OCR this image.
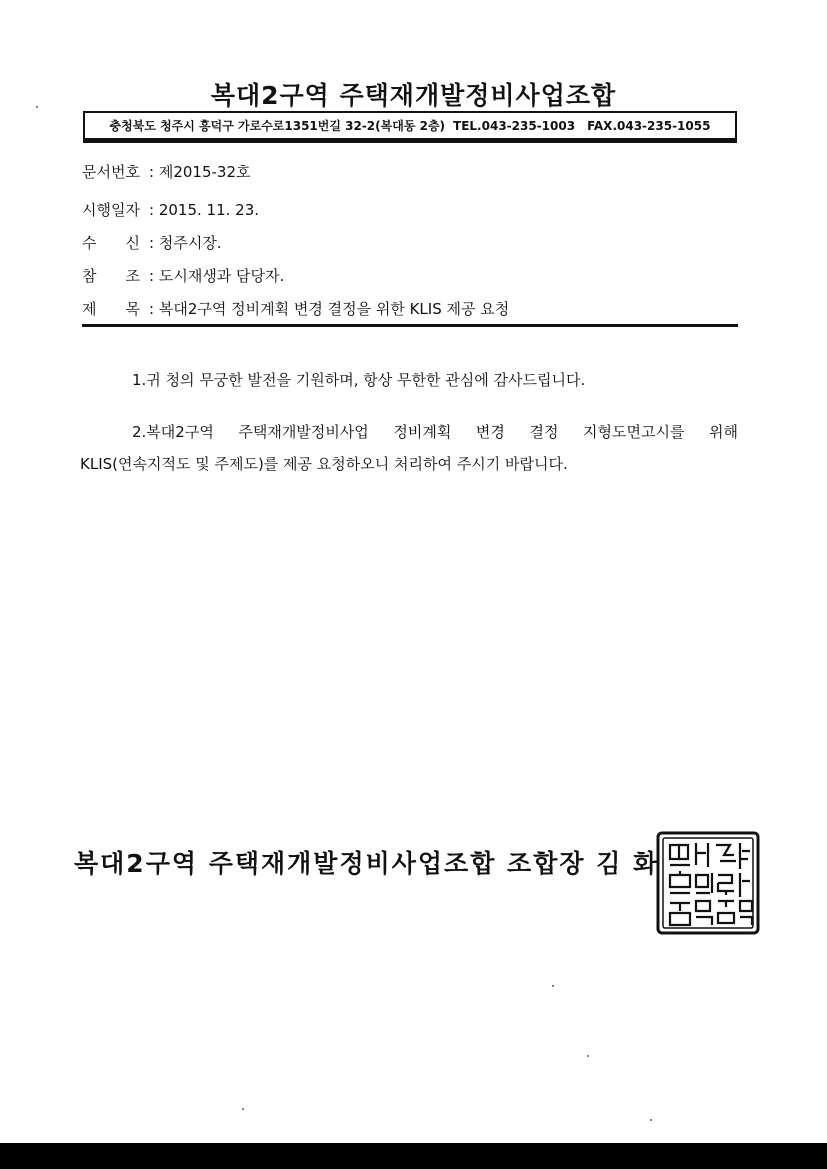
복대2구역 주택재개발정비사업조합
충청북도 청주시 흥덕구 가로수로1351번길 32-2(복대동 2층) TEL.043-235-1003 FAX.043-235-1055
문서번호 : 제2015-32호
시행일자 : 2015. 11. 23.
수 신 : 청주시장.
참 조 : 도시재생과 담당자.
제 목 : 복대2구역 정비계획 변경 결정을 위한 KLIS 제공 요청
1.귀 청의 무궁한 발전을 기원하며, 항상 무한한 관심에 감사드립니다.
2.복대2구역 주택재개발정비사업 정비계획 변경 결정 지형도면고시를 위해
KLIS(연속지적도 및 주제도)를 제공 요청하오니 처리하여 주시기 바랍니다.
복대2구역 주택재개발정비사업조합 조합장 김 화
